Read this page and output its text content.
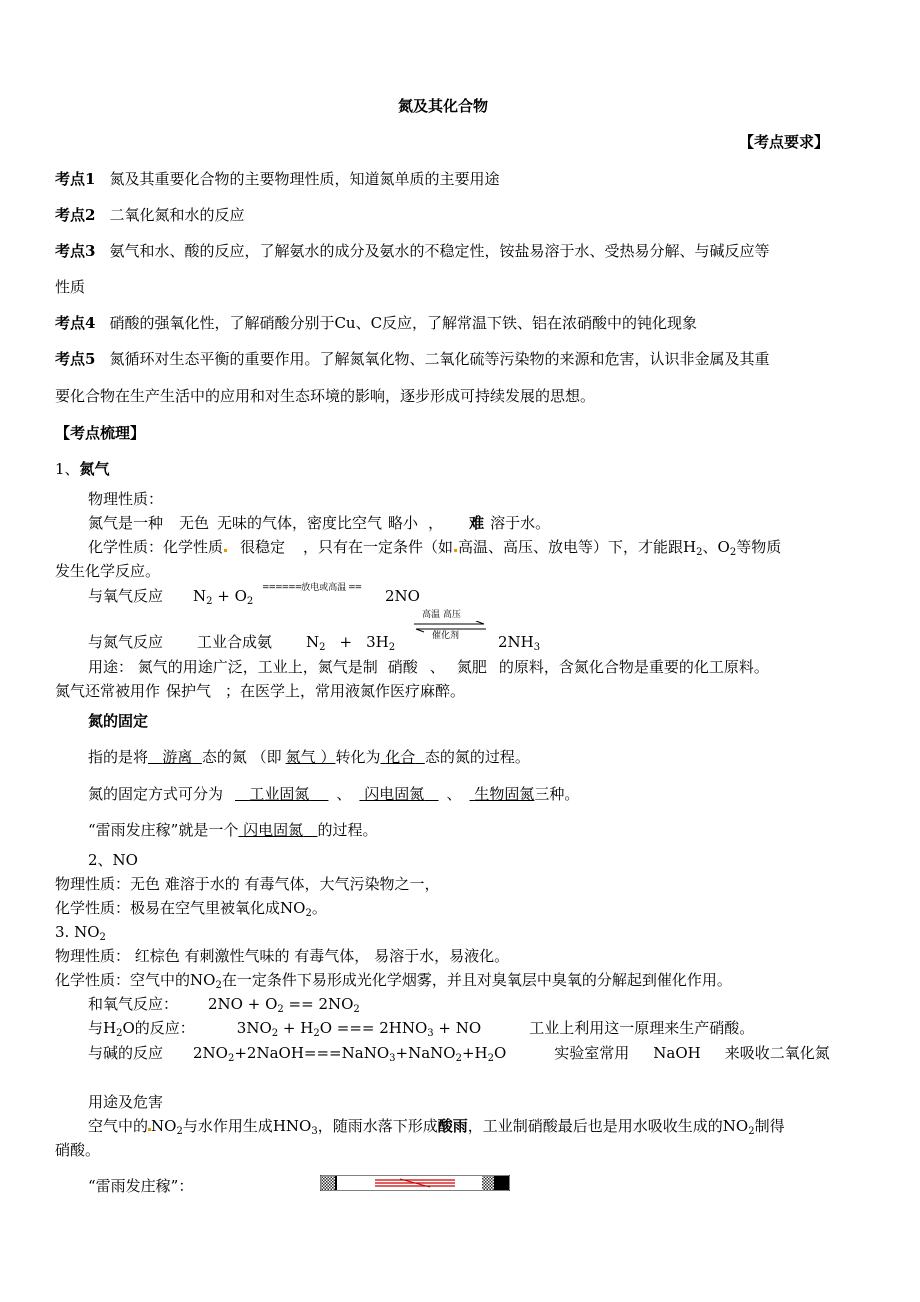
氮及其化合物
【考点要求】
考点1 氮及其重要化合物的主要物理性质，知道氮单质的主要用途
考点2 二氧化氮和水的反应
考点3 氨气和水、酸的反应，了解氨水的成分及氨水的不稳定性，铵盐易溶于水、受热易分解、与碱反应等
性质
考点4 硝酸的强氧化性，了解硝酸分别于Cu、C反应，了解常温下铁、铝在浓硝酸中的钝化现象
考点5 氮循环对生态平衡的重要作用。了解氮氧化物、二氧化硫等污染物的来源和危害，认识非金属及其重
要化合物在生产生活中的应用和对生态环境的影响，逐步形成可持续发展的思想。
【考点梳理】
1、氮气
物理性质：
氮气是一种 无色 无味的气体，密度比空气 略小 ， 难 溶于水。
化学性质：化学性质 很稳定 ，只有在一定条件（如 高温、高压、放电等）下，才能跟$H_2$、$O_2$等物质
发生化学反应。
与氧气反应 $N_2 + O_2$
======放电或高温 == 2NO
与氮气反应 工业合成氨 $N_2 + 3H_2$
高温 高压
催化剂	$2NH_3$
用途： 氮气的用途广泛，工业上，氮气是制 硝酸 、 氮肥 的原料，含氮化合物是重要的化工原料。
氮气还常被用作 保护气 ；在医学上，常用液氮作医疗麻醉。
氮的固定
指的是将 游离 态的氮 （即 氮气 ）转化为 化合 态的氮的过程。
氮的固定方式可分为 工业固氮 、 闪电固氮 、 生物固氮三种。
“雷雨发庄稼”就是一个 闪电固氮 的过程。
2、NO
物理性质：无色 难溶于水的 有毒气体，大气污染物之一，
化学性质：极易在空气里被氧化成$NO_2$。
3. $NO_2$
物理性质： 红棕色 有刺激性气味的 有毒气体， 易溶于水，易液化。
化学性质：空气中的$NO_2$在一定条件下易形成光化学烟雾，并且对臭氧层中臭氧的分解起到催化作用。
和氧气反应： $2NO + O_2 == 2NO_2$
与$H_2O$的反应：	$3NO_2 + H_2O$ === $2HNO_3$ + NO	工业上利用这一原理来生产硝酸。
与碱的反应 $2NO_2+2NaOH===NaNO_3+NaNO_2+H_2O$	实验室常用 NaOH 来吸收二氧化氮
用途及危害
空气中的 $NO_2$与水作用生成$HNO_3$，随雨水落下形成酸雨，工业制硝酸最后也是用水吸收生成的$NO_2$制得
硝酸。
“雷雨发庄稼”：
